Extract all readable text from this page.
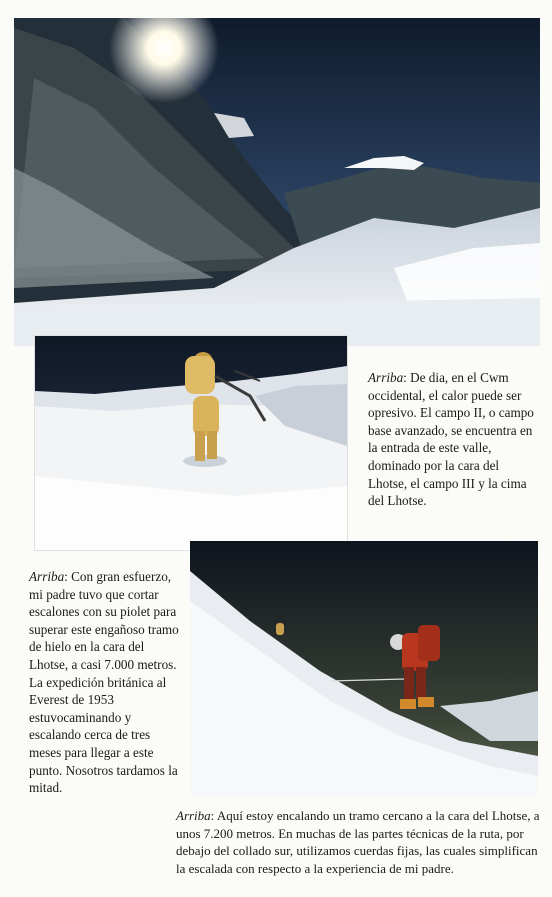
Arriba: De dia, en el Cwm occidental, el calor puede ser opresivo. El campo II, o campo base avanzado, se encuentra en la entrada de este valle, dominado por la cara del Lhotse, el campo III y la cima del Lhotse.

Arriba: Con gran esfuerzo, mi padre tuvo que cortar escalones con su piolet para superar este engañoso tramo de hielo en la cara del Lhotse, a casi 7.000 metros. La expedición británica al Everest de 1953 estuvocaminando y escalando cerca de tres meses para llegar a este punto. Nosotros tardamos la mitad.

Arriba: Aquí estoy encalando un tramo cercano a la cara del Lhotse, a unos 7.200 metros. En muchas de las partes técnicas de la ruta, por debajo del collado sur, utilizamos cuerdas fijas, las cuales simplifican la escalada con respecto a la experiencia de mi padre.
